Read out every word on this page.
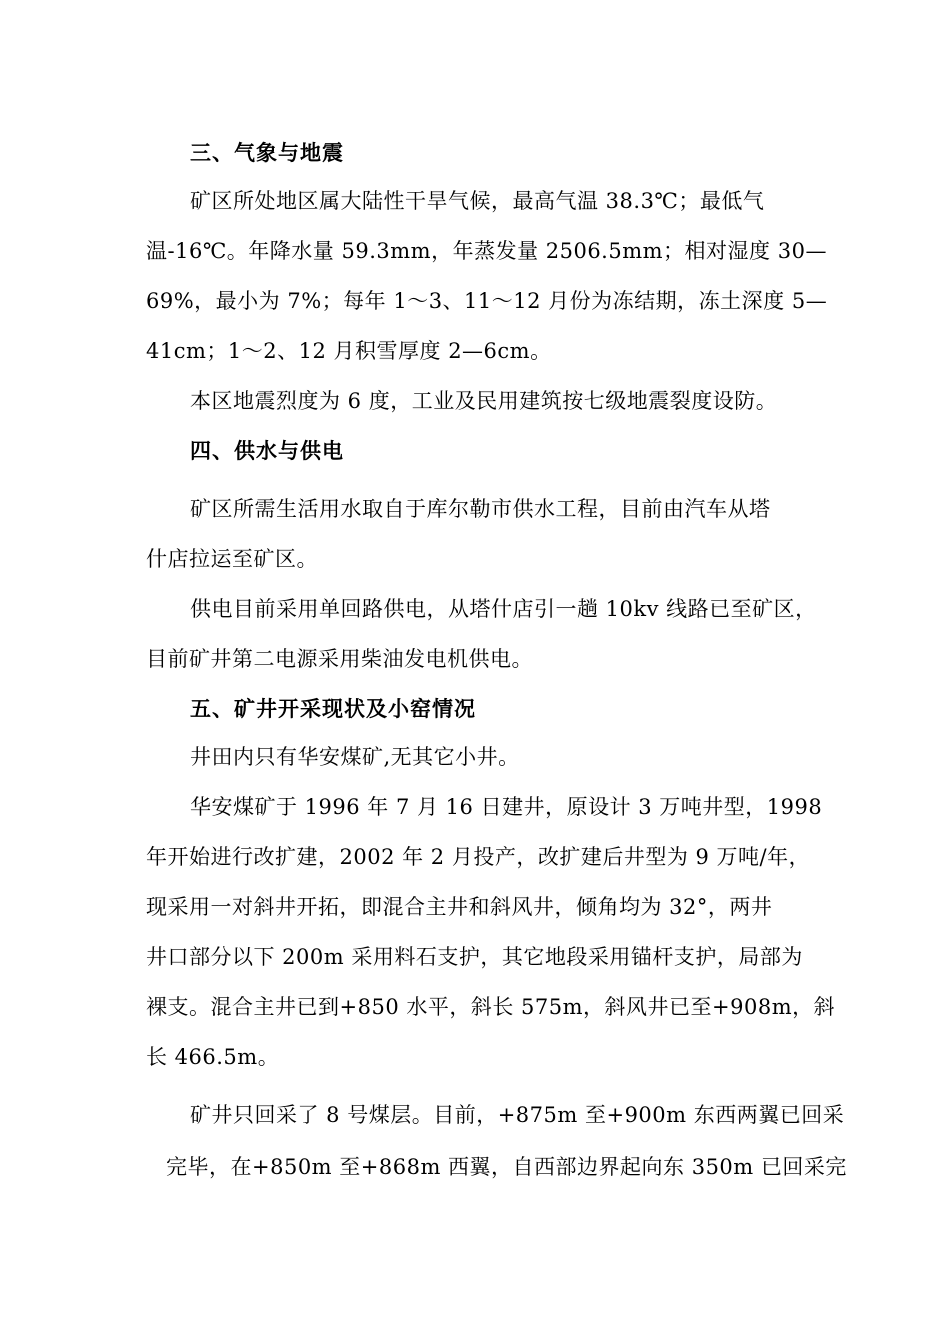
三、气象与地震
矿区所处地区属大陆性干旱气候，最高气温 38.3℃；最低气
温-16℃。年降水量 59.3mm，年蒸发量 2506.5mm；相对湿度 30—
69%，最小为 7%；每年 1～3、11～12 月份为冻结期，冻土深度 5—
41cm；1～2、12 月积雪厚度 2—6cm。
本区地震烈度为 6 度，工业及民用建筑按七级地震裂度设防。
四、供水与供电
矿区所需生活用水取自于库尔勒市供水工程，目前由汽车从塔
什店拉运至矿区。
供电目前采用单回路供电，从塔什店引一趟 10kv 线路已至矿区，
目前矿井第二电源采用柴油发电机供电。
五、矿井开采现状及小窑情况
井田内只有华安煤矿,无其它小井。
华安煤矿于 1996 年 7 月 16 日建井，原设计 3 万吨井型，1998
年开始进行改扩建，2002 年 2 月投产，改扩建后井型为 9 万吨/年，
现采用一对斜井开拓，即混合主井和斜风井，倾角均为 32°，两井
井口部分以下 200m 采用料石支护，其它地段采用锚杆支护，局部为
裸支。混合主井已到+850 水平，斜长 575m，斜风井已至+908m，斜
长 466.5m。
矿井只回采了 8 号煤层。目前，+875m 至+900m 东西两翼已回采
完毕，在+850m 至+868m 西翼，自西部边界起向东 350m 已回采完
